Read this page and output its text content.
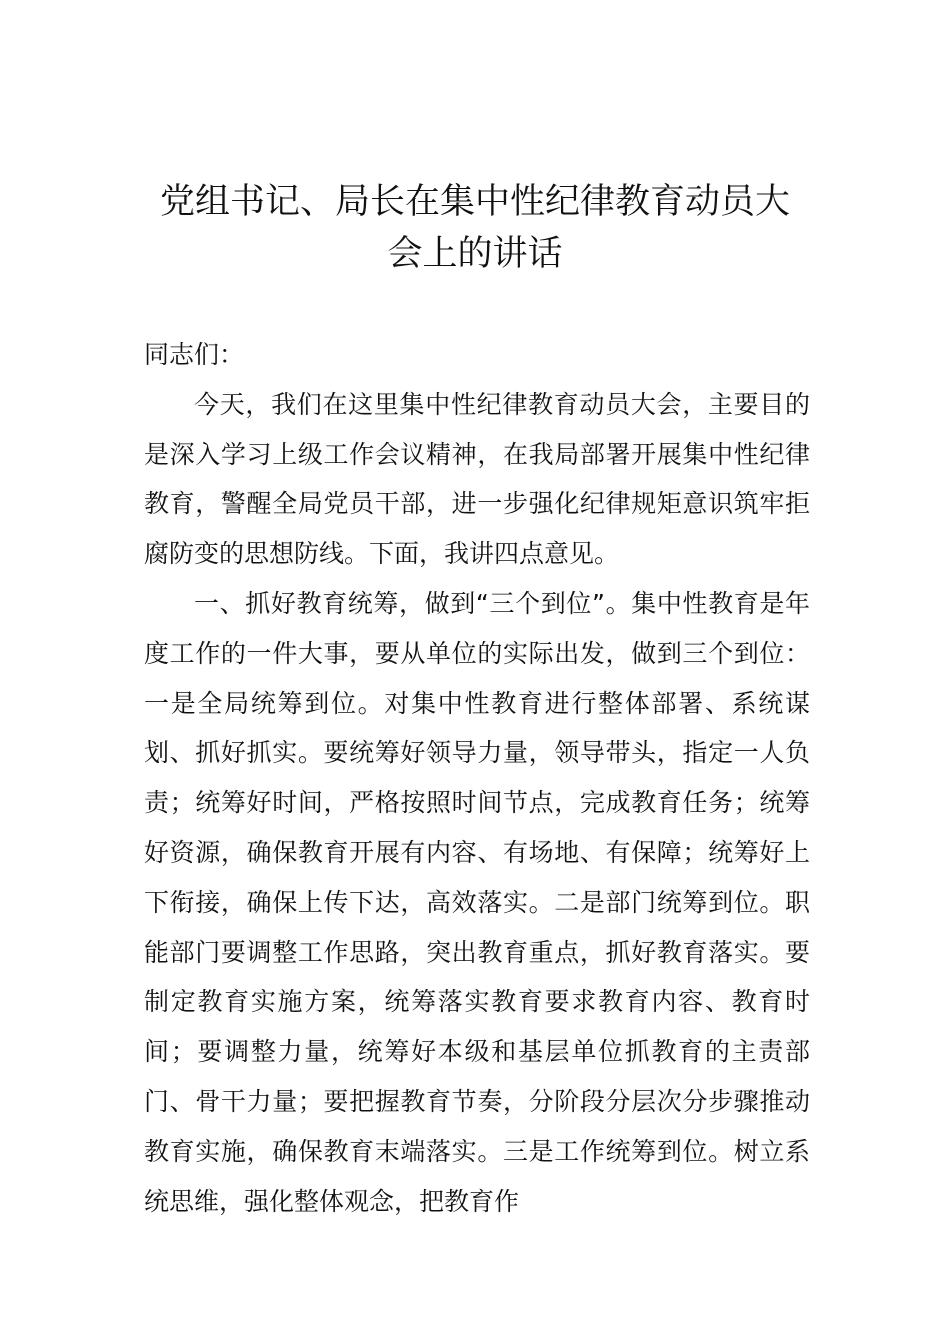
党组书记、局长在集中性纪律教育动员大
会上的讲话

同志们：

今天，我们在这里集中性纪律教育动员大会，主要目的是深入学习上级工作会议精神，在我局部署开展集中性纪律教育，警醒全局党员干部，进一步强化纪律规矩意识筑牢拒腐防变的思想防线。下面，我讲四点意见。

一、抓好教育统筹，做到“三个到位”。集中性教育是年度工作的一件大事，要从单位的实际出发，做到三个到位：一是全局统筹到位。对集中性教育进行整体部署、系统谋划、抓好抓实。要统筹好领导力量，领导带头，指定一人负责；统筹好时间，严格按照时间节点，完成教育任务；统筹好资源，确保教育开展有内容、有场地、有保障；统筹好上下衔接，确保上传下达，高效落实。二是部门统筹到位。职能部门要调整工作思路，突出教育重点，抓好教育落实。要制定教育实施方案，统筹落实教育要求教育内容、教育时间；要调整力量，统筹好本级和基层单位抓教育的主责部门、骨干力量；要把握教育节奏，分阶段分层次分步骤推动教育实施，确保教育末端落实。三是工作统筹到位。树立系统思维，强化整体观念，把教育作
